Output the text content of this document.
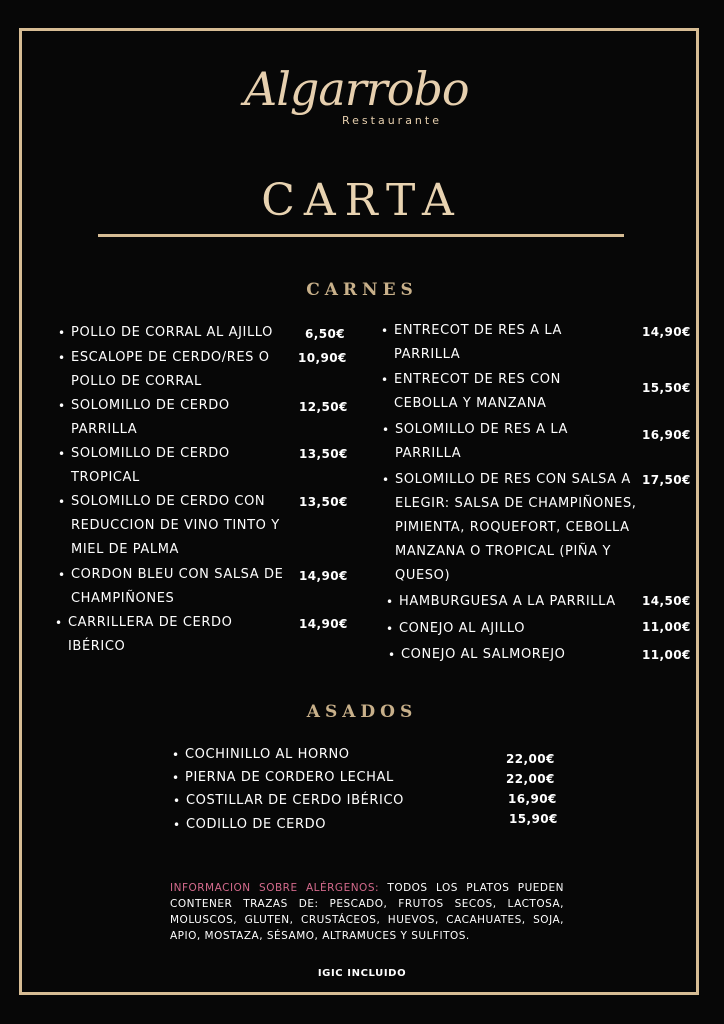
Algarrobo
Restaurante
CARTA
CARNES
• POLLO DE CORRAL AL AJILLO	6,50€
• ESCALOPE DE CERDO/RES O POLLO DE CORRAL
10,90€
• SOLOMILLO DE CERDO PARRILLA
12,50€
• SOLOMILLO DE CERDO TROPICAL
13,50€
• SOLOMILLO DE CERDO CON REDUCCION DE VINO TINTO Y MIEL DE PALMA
13,50€
• CORDON BLEU CON SALSA DE CHAMPIÑONES
14,90€
• CARRILLERA DE CERDO IBÉRICO
14,90€
• ENTRECOT DE RES A LA PARRILLA
14,90€
• ENTRECOT DE RES CON CEBOLLA Y MANZANA
15,50€
• SOLOMILLO DE RES A LA PARRILLA
16,90€
• SOLOMILLO DE RES CON SALSA A ELEGIR: SALSA DE CHAMPIÑONES, PIMIENTA, ROQUEFORT, CEBOLLA MANZANA O TROPICAL (PIÑA Y QUESO)
17,50€
• HAMBURGUESA A LA PARRILLA	14,50€
• CONEJO AL AJILLO	11,00€
• CONEJO AL SALMOREJO	11,00€
ASADOS
• COCHINILLO AL HORNO	22,00€
• PIERNA DE CORDERO LECHAL	22,00€
• COSTILLAR DE CERDO IBÉRICO	16,90€
• CODILLO DE CERDO	15,90€
INFORMACION SOBRE ALÉRGENOS: TODOS LOS PLATOS PUEDEN CONTENER TRAZAS DE: PESCADO, FRUTOS SECOS, LACTOSA, MOLUSCOS, GLUTEN, CRUSTÁCEOS, HUEVOS, CACAHUATES, SOJA, APIO, MOSTAZA, SÉSAMO, ALTRAMUCES Y SULFITOS.
IGIC INCLUIDO
